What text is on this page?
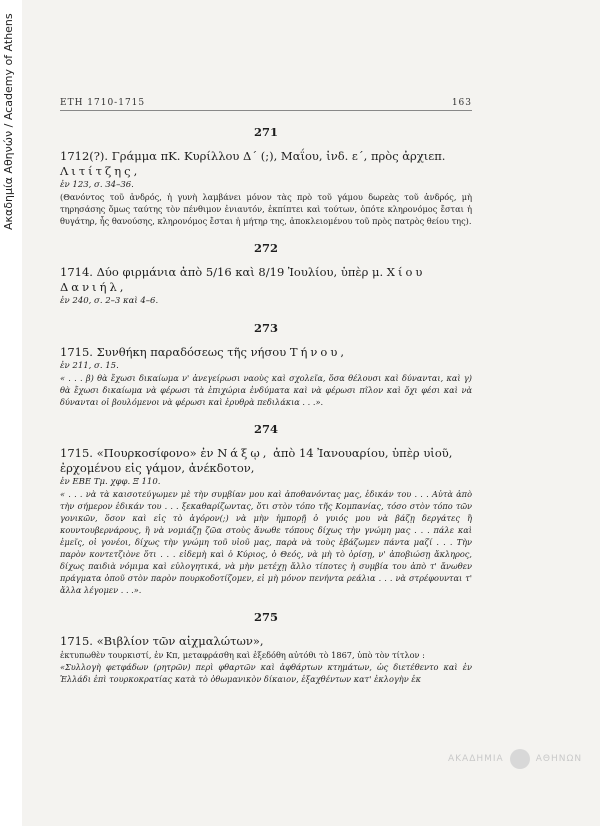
Ακαδημία Αθηνών / Academy of Athens	ΕΤΗ 1710-1715	163
271

1712(?). Γράμμα πΚ. Κυρίλλου Δ΄ (;), Μαΐου, ἰνδ. ε΄, πρὸς ἀρχιεπ. Λιτίτζης,

ἐν 123, σ. 34–36.

(Θανόντος τοῦ ἀνδρός, ἡ γυνὴ λαμβάνει μόνον τὰς πρὸ τοῦ γάμου δωρεὰς τοῦ ἀνδρός, μὴ τηρησάσης ὅμως ταύτης τὸν πένθιμον ἐνιαυτόν, ἐκπίπτει καὶ τούτων, ὁπότε κληρονόμος ἔσται ἡ θυγάτηρ, ἧς θανούσης, κληρονόμος ἔσται ἡ μήτηρ της, ἀποκλειομένου τοῦ πρὸς πατρὸς θείου της).

272

1714. Δύο φιρμάνια ἀπὸ 5/16 καὶ 8/19 Ἰουλίου, ὑπὲρ μ. Χίου Δανιήλ,

ἐν 240, σ. 2–3 καὶ 4–6.

273

1715. Συνθήκη παραδόσεως τῆς νήσου Τήνου,

ἐν 211, σ. 15.

« . . . β) θὰ ἔχωσι δικαίωμα ν' ἀνεγείρωσι ναοὺς καὶ σχολεῖα, ὅσα θέλουσι καὶ δύνανται, καὶ γ) θὰ ἔχωσι δικαίωμα νὰ φέρωσι τὰ ἐπιχώρια ἐνδύματα καὶ νὰ φέρωσι πῖλον καὶ ὄχι φέσι καὶ νὰ δύνανται οἱ βουλόμενοι νὰ φέρωσι καὶ ἐρυθρὰ πεδιλάκια . . .».

274

1715. «Πουρκοσίφονο» ἐν Νάξῳ, ἀπὸ 14 Ἰανουαρίου, ὑπὲρ υἱοῦ, ἐρχομένου εἰς γάμον, ἀνέκδοτον,

ἐν ΕΒΕ Τμ. χφφ. Ξ 110.

« . . . νὰ τὰ καισοτεύγωμεν μὲ τὴν συμβίαν μου καὶ ἀποθανόντας μας, ἐδικάν του . . . Αὐτὰ ἀπὸ τὴν σήμερον ἐδικάν του . . . ξεκαθαρίζωντας, ὅτι στὸν τόπο τῆς Κομπανίας, τόσο στὸν τόπο τῶν γονικῶν, ὅσον καὶ εἰς τὸ ἀγόρον(;) νὰ μὴν ἠμπορῇ ὁ γυιός μου νὰ βάζῃ δεργάτες ἢ κουντουβερνάρους, ἢ νὰ νομιάζῃ ζῶα στοὺς ἄνωθε τόπους δίχως τὴν γνώμη μας . . . πάλε καὶ ἐμεῖς, οἱ γονέοι, δίχως τὴν γνώμη τοῦ υἱοῦ μας, παρὰ νὰ τοὺς ἐβάζωμεν πάντα μαζί . . . Τὴν παρὸν κοντετζιὸνε ὅτι . . . εἰδεμὴ καὶ ὁ Κύριος, ὁ Θεός, νὰ μὴ τὸ ὁρίσῃ, ν' ἀποβιώσῃ ἄκληρος, δίχως παιδιὰ νόμιμα καὶ εὐλογητικά, νὰ μὴν μετέχῃ ἄλλο τίποτες ἡ συμβία του ἀπὸ τ' ἄνωθεν πράγματα ὁποῦ στὸν παρὸν πουρκοδοτίζομεν, εἰ μὴ μόνον πενήντα ρεάλια . . . νὰ στρέφουνται τ' ἄλλα λέγομεν . . .».

275

1715. «Βιβλίον τῶν αἰχμαλώτων»,

ἐκτυπωθὲν τουρκιστί, ἐν Κπ, μεταφράσθη καὶ ἐξεδόθη αὐτόθι τὸ 1867, ὑπὸ τὸν τίτλον :

«Συλλογὴ φετφάδων (ρητρῶν) περὶ φθαρτῶν καὶ ἀφθάρτων κτημάτων, ὡς διετέθεντο καὶ ἐν Ἑλλάδι ἐπὶ τουρκοκρατίας κατὰ τὸ ὀθωμανικὸν δίκαιον, ἐξαχθέντων κατ' ἐκλογὴν ἐκ

ΑΚΑΔΗΜΙΑ	ΑΘΗΝΩΝ
